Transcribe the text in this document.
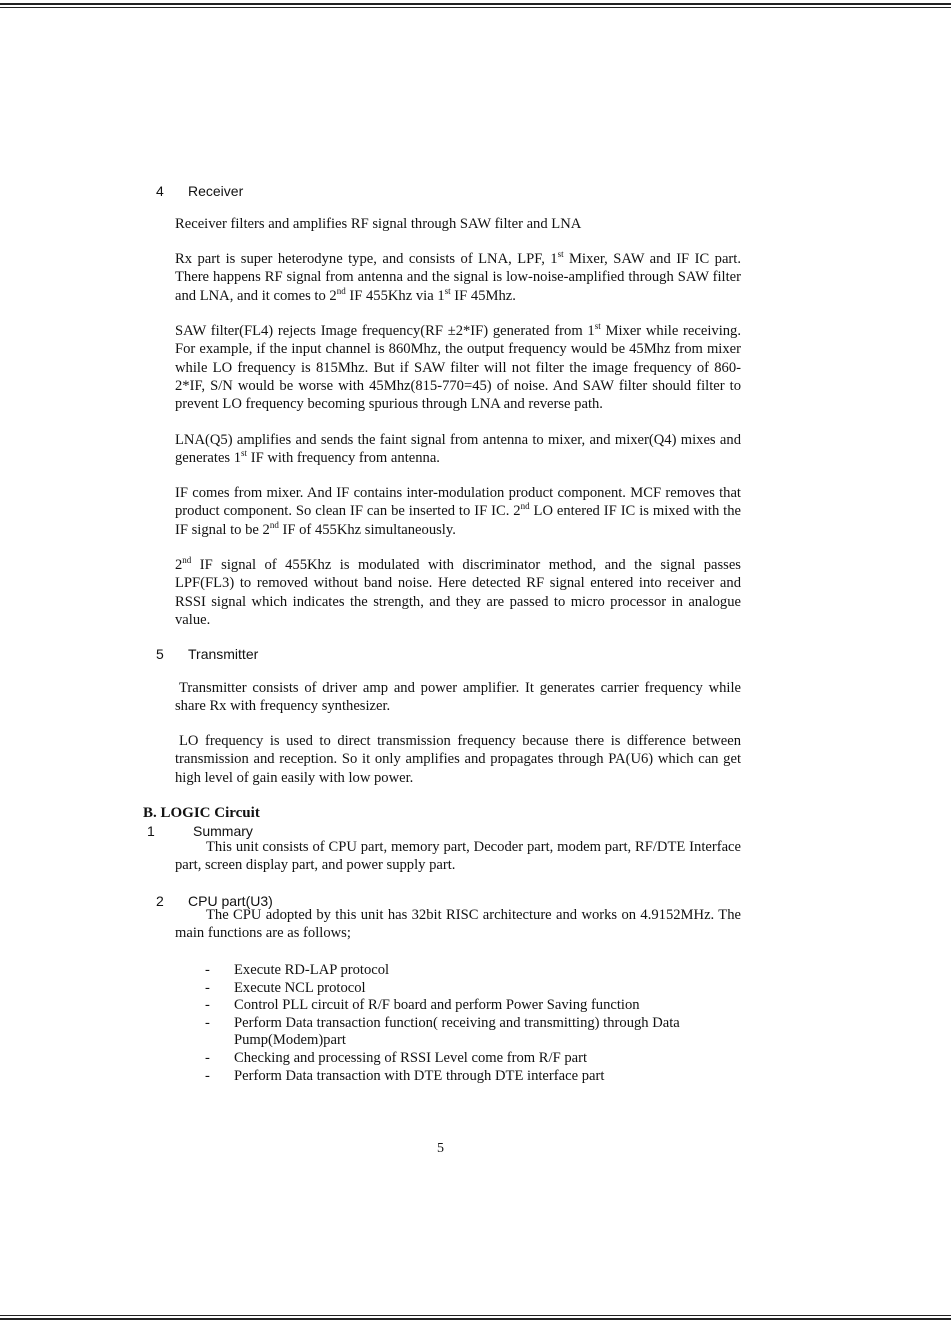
4 Receiver
Receiver filters and amplifies RF signal through SAW filter and LNA
Rx part is super heterodyne type, and consists of LNA, LPF, 1st Mixer, SAW and IF IC part. There happens RF signal from antenna and the signal is low-noise-amplified through SAW filter and LNA, and it comes to 2nd IF 455Khz via 1st IF 45Mhz.
SAW filter(FL4) rejects Image frequency(RF ±2*IF) generated from 1st Mixer while receiving. For example, if the input channel is 860Mhz, the output frequency would be 45Mhz from mixer while LO frequency is 815Mhz. But if SAW filter will not filter the image frequency of 860-2*IF, S/N would be worse with 45Mhz(815-770=45) of noise. And SAW filter should filter to prevent LO frequency becoming spurious through LNA and reverse path.
LNA(Q5) amplifies and sends the faint signal from antenna to mixer, and mixer(Q4) mixes and generates 1st IF with frequency from antenna.
IF comes from mixer. And IF contains inter-modulation product component. MCF removes that product component. So clean IF can be inserted to IF IC. 2nd LO entered IF IC is mixed with the IF signal to be 2nd IF of 455Khz simultaneously.
2nd IF signal of 455Khz is modulated with discriminator method, and the signal passes LPF(FL3) to removed without band noise. Here detected RF signal entered into receiver and RSSI signal which indicates the strength, and they are passed to micro processor in analogue value.
5 Transmitter
Transmitter consists of driver amp and power amplifier. It generates carrier frequency while share Rx with frequency synthesizer.
LO frequency is used to direct transmission frequency because there is difference between transmission and reception. So it only amplifies and propagates through PA(U6) which can get high level of gain easily with low power.
B. LOGIC Circuit
1	Summary
This unit consists of CPU part, memory part, Decoder part, modem part, RF/DTE Interface part, screen display part, and power supply part.
2 CPU part(U3)
The CPU adopted by this unit has 32bit RISC architecture and works on 4.9152MHz. The main functions are as follows;
- Execute RD-LAP protocol
- Execute NCL protocol
- Control PLL circuit of R/F board and perform Power Saving function
- Perform Data transaction function( receiving and transmitting) through Data Pump(Modem)part
- Checking and processing of RSSI Level come from R/F part
- Perform Data transaction with DTE through DTE interface part
5
